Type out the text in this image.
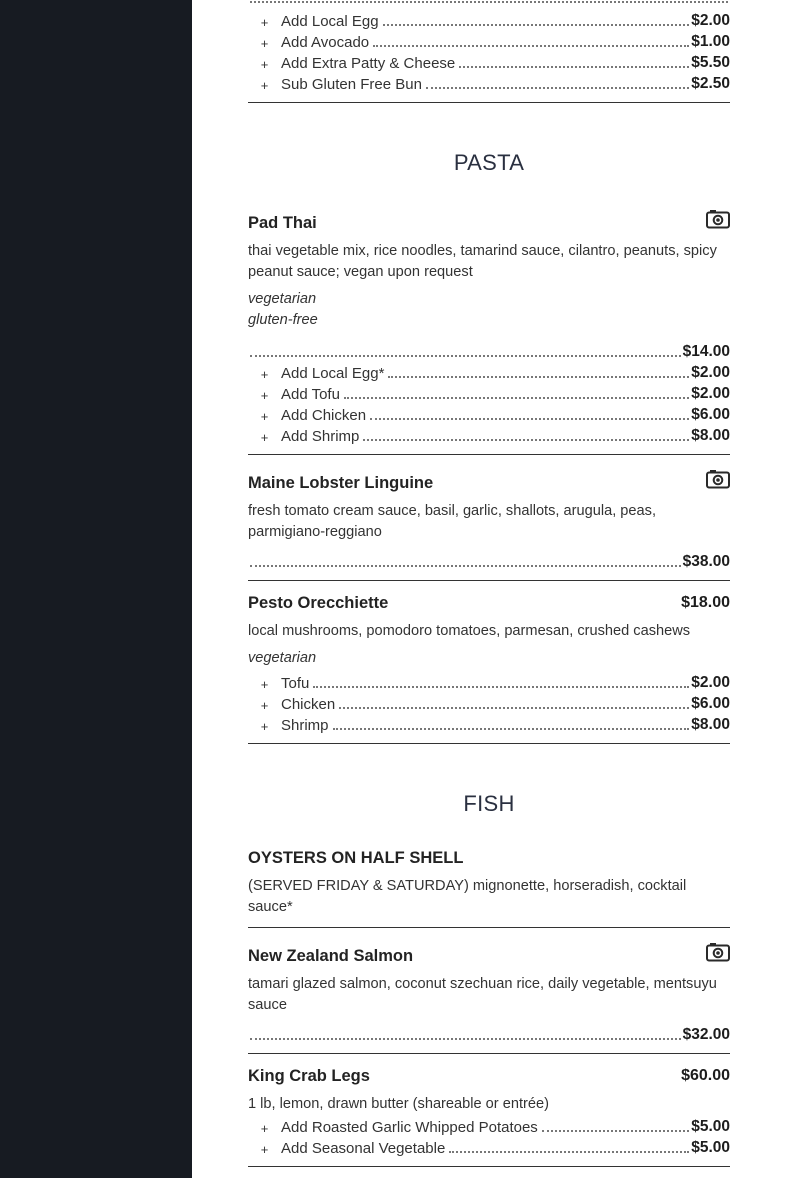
+ Add Local Egg	$2.00
+ Add Avocado	$1.00
+ Add Extra Patty & Cheese	$5.50
+ Sub Gluten Free Bun	$2.50
PASTA
Pad Thai
thai vegetable mix, rice noodles, tamarind sauce, cilantro, peanuts, spicy peanut sauce; vegan upon request
vegetarian
gluten-free
$14.00
+ Add Local Egg*	$2.00
+ Add Tofu	$2.00
+ Add Chicken	$6.00
+ Add Shrimp	$8.00
Maine Lobster Linguine
fresh tomato cream sauce, basil, garlic, shallots, arugula, peas, parmigiano-reggiano
$38.00
Pesto Orecchiette	$18.00
local mushrooms, pomodoro tomatoes, parmesan, crushed cashews
vegetarian
+ Tofu	$2.00
+ Chicken	$6.00
+ Shrimp	$8.00
FISH
OYSTERS ON HALF SHELL
(SERVED FRIDAY & SATURDAY) mignonette, horseradish, cocktail sauce*
New Zealand Salmon
tamari glazed salmon, coconut szechuan rice, daily vegetable, mentsuyu sauce
$32.00
King Crab Legs	$60.00
1 lb, lemon, drawn butter (shareable or entrée)
+ Add Roasted Garlic Whipped Potatoes	$5.00
+ Add Seasonal Vegetable	$5.00
